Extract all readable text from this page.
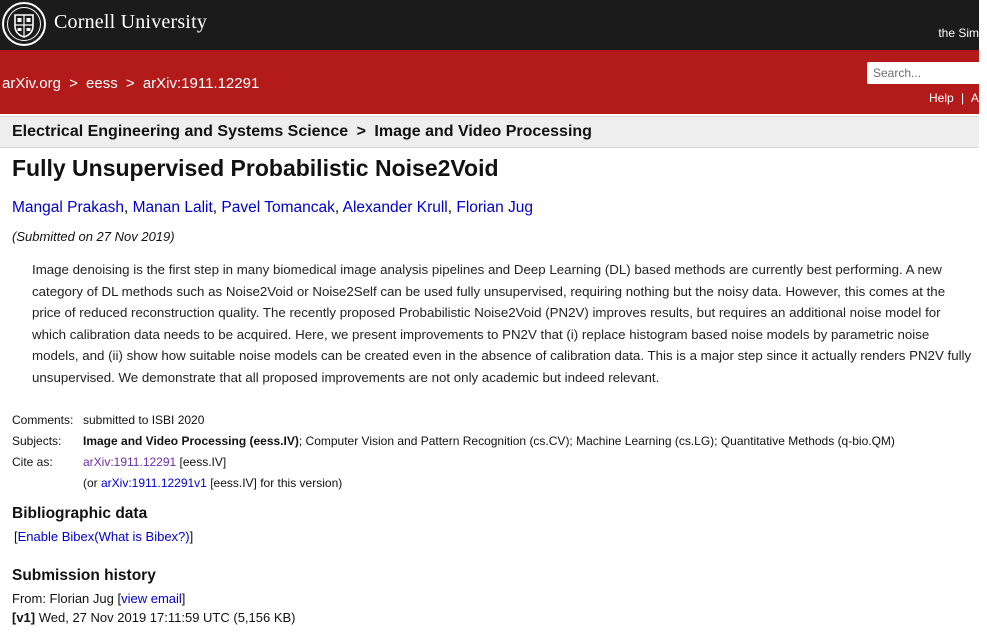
Cornell University	the Sim
arXiv.org > eess > arXiv:1911.12291
Search...
Help | Ad
Electrical Engineering and Systems Science > Image and Video Processing
Fully Unsupervised Probabilistic Noise2Void
Mangal Prakash, Manan Lalit, Pavel Tomancak, Alexander Krull, Florian Jug
(Submitted on 27 Nov 2019)

Image denoising is the first step in many biomedical image analysis pipelines and Deep Learning (DL) based methods are currently best performing. A new category of DL methods such as Noise2Void or Noise2Self can be used fully unsupervised, requiring nothing but the noisy data. However, this comes at the price of reduced reconstruction quality. The recently proposed Probabilistic Noise2Void (PN2V) improves results, but requires an additional noise model for which calibration data needs to be acquired. Here, we present improvements to PN2V that (i) replace histogram based noise models by parametric noise models, and (ii) show how suitable noise models can be created even in the absence of calibration data. This is a major step since it actually renders PN2V fully unsupervised. We demonstrate that all proposed improvements are not only academic but indeed relevant.

Comments:	submitted to ISBI 2020
Subjects:	Image and Video Processing (eess.IV); Computer Vision and Pattern Recognition (cs.CV); Machine Learning (cs.LG); Quantitative Methods (q-bio.QM)
Cite as:	arXiv:1911.12291 [eess.IV]
	(or arXiv:1911.12291v1 [eess.IV] for this version)
Bibliographic data
[Enable Bibex(What is Bibex?)]
Submission history
From: Florian Jug [view email]
[v1] Wed, 27 Nov 2019 17:11:59 UTC (5,156 KB)
